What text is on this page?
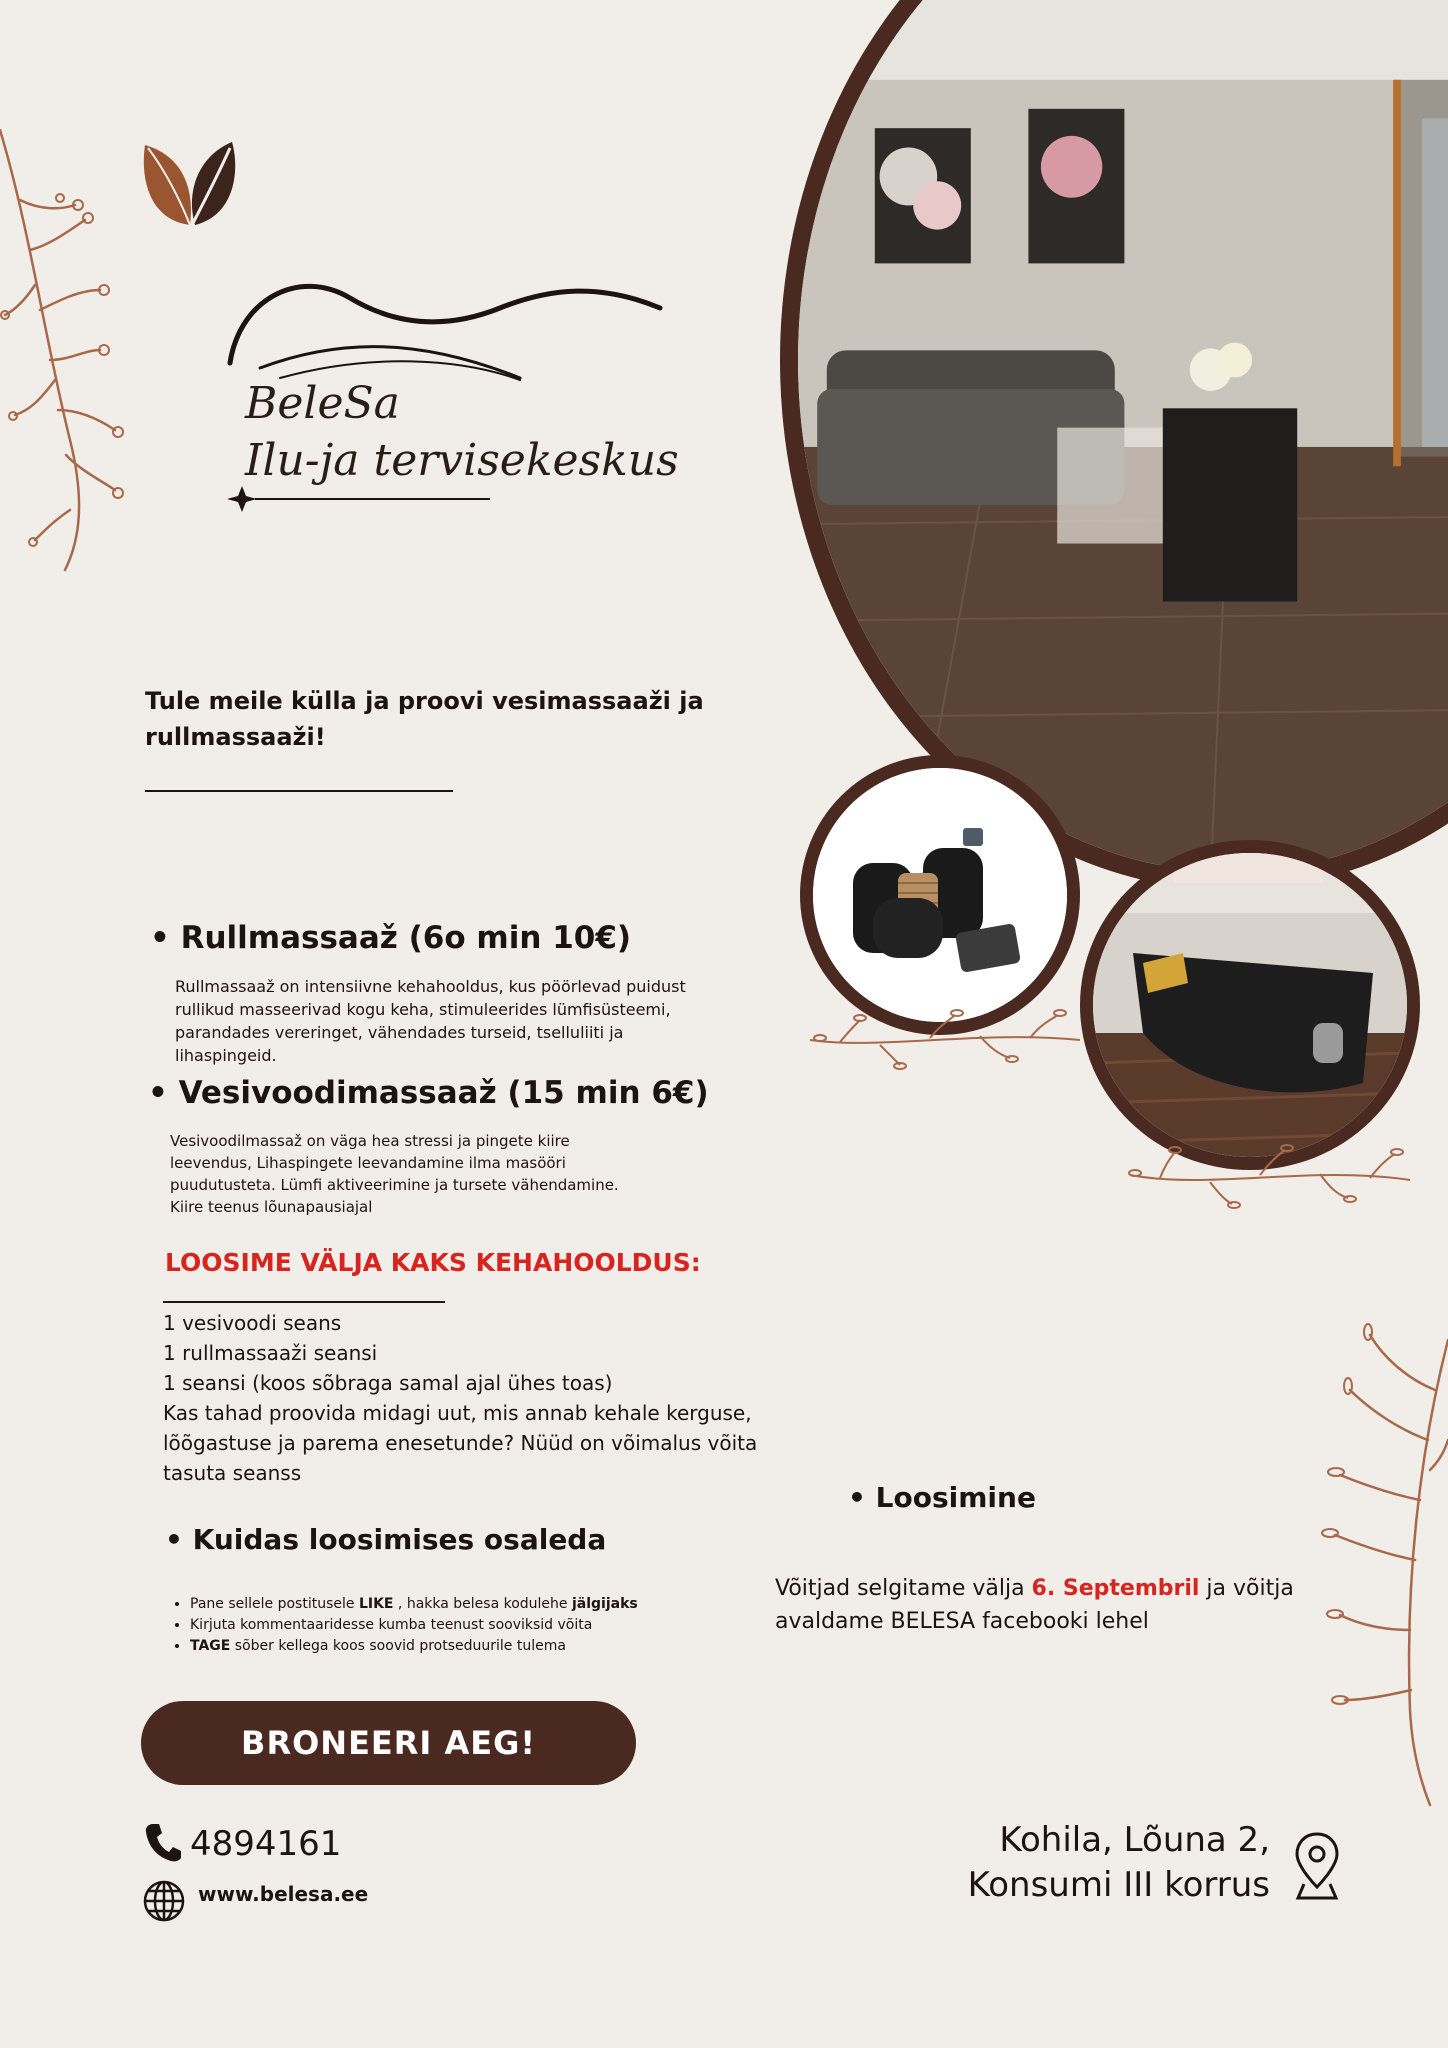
BeleSa
Ilu-ja tervisekeskus
Tule meile külla ja proovi vesimassaaži ja rullmassaaži!
• Rullmassaaž (6o min 10€)
Rullmassaaž on intensiivne kehahooldus, kus pöörlevad puidust rullikud masseerivad kogu keha, stimuleerides lümfisüsteemi, parandades vereringet, vähendades turseid, tselluliiti ja lihaspingeid.
• Vesivoodimassaaž (15 min 6€)
Vesivoodilmassaž on väga hea stressi ja pingete kiire leevendus, Lihaspingete leevandamine ilma masööri puudutusteta. Lümfi aktiveerimine ja tursete vähendamine. Kiire teenus lõunapausiajal
LOOSIME VÄLJA KAKS KEHAHOOLDUS:
1 vesivoodi seans
1 rullmassaaži seansi
1 seansi (koos sõbraga samal ajal ühes toas)
Kas tahad proovida midagi uut, mis annab kehale kerguse, lõõgastuse ja parema enesetunde? Nüüd on võimalus võita tasuta seanss
• Kuidas loosimises osaleda
• Pane sellele postitusele LIKE , hakka belesa kodulehe jälgijaks
• Kirjuta kommentaaridesse kumba teenust sooviksid võita
• TAGE sõber kellega koos soovid protseduurile tulema
• Loosimine
Võitjad selgitame välja 6. Septembril ja võitja avaldame BELESA facebooki lehel
BRONEERI AEG!
4894161
www.belesa.ee
Kohila, Lõuna 2,
Konsumi III korrus
